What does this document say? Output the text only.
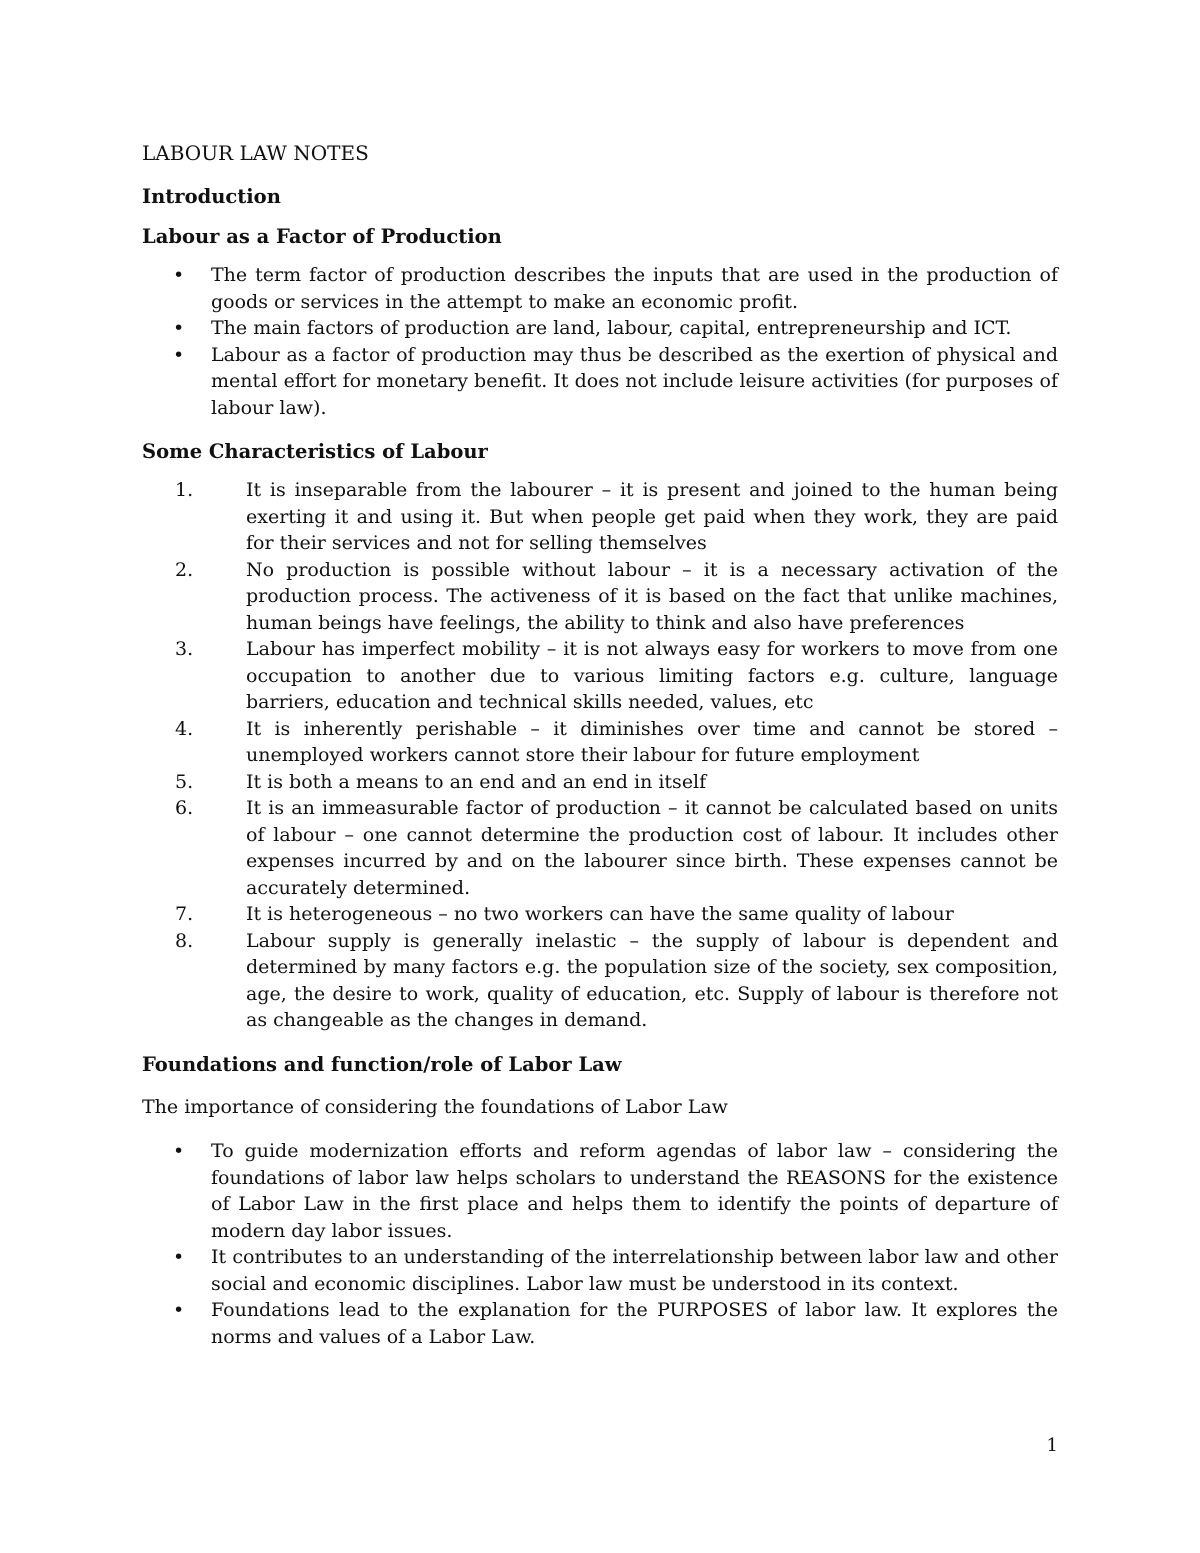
LABOUR LAW NOTES
Introduction
Labour as a Factor of Production
• The term factor of production describes the inputs that are used in the production of goods or services in the attempt to make an economic profit.
• The main factors of production are land, labour, capital, entrepreneurship and ICT.
• Labour as a factor of production may thus be described as the exertion of physical and mental effort for monetary benefit. It does not include leisure activities (for purposes of labour law).
Some Characteristics of Labour
1.	It is inseparable from the labourer – it is present and joined to the human being exerting it and using it. But when people get paid when they work, they are paid for their services and not for selling themselves
2.	No production is possible without labour – it is a necessary activation of the production process. The activeness of it is based on the fact that unlike machines, human beings have feelings, the ability to think and also have preferences
3.	Labour has imperfect mobility – it is not always easy for workers to move from one occupation to another due to various limiting factors e.g. culture, language barriers, education and technical skills needed, values, etc
4.	It is inherently perishable – it diminishes over time and cannot be stored – unemployed workers cannot store their labour for future employment
5.	It is both a means to an end and an end in itself
6.	It is an immeasurable factor of production – it cannot be calculated based on units of labour – one cannot determine the production cost of labour. It includes other expenses incurred by and on the labourer since birth. These expenses cannot be accurately determined.
7.	It is heterogeneous – no two workers can have the same quality of labour
8.	Labour supply is generally inelastic – the supply of labour is dependent and determined by many factors e.g. the population size of the society, sex composition, age, the desire to work, quality of education, etc. Supply of labour is therefore not as changeable as the changes in demand.
Foundations and function/role of Labor Law

The importance of considering the foundations of Labor Law

• To guide modernization efforts and reform agendas of labor law – considering the foundations of labor law helps scholars to understand the REASONS for the existence of Labor Law in the first place and helps them to identify the points of departure of modern day labor issues.
• It contributes to an understanding of the interrelationship between labor law and other social and economic disciplines. Labor law must be understood in its context.
• Foundations lead to the explanation for the PURPOSES of labor law. It explores the norms and values of a Labor Law.
1
